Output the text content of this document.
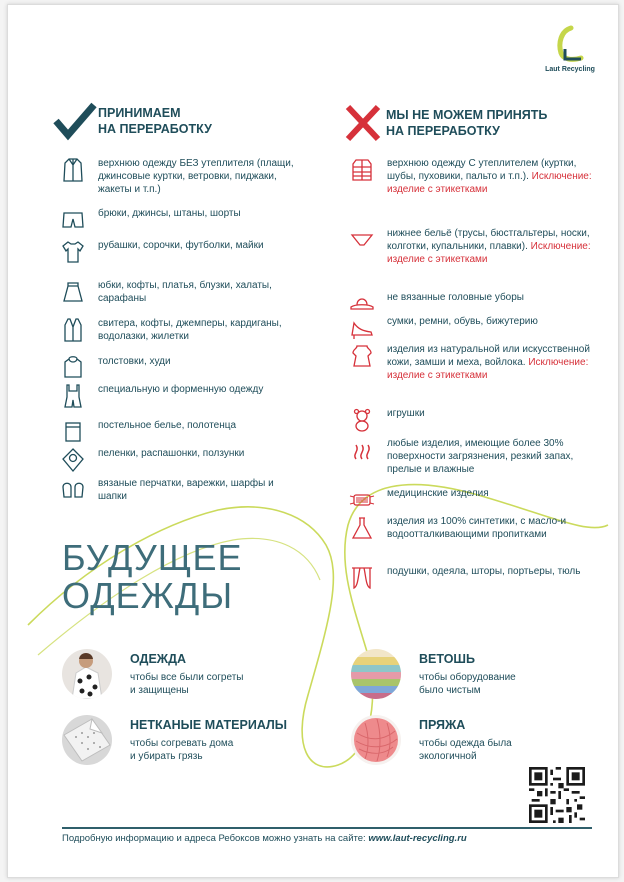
Laut Recycling
ПРИНИМАЕМ
НА ПЕРЕРАБОТКУ
МЫ НЕ МОЖЕМ ПРИНЯТЬ
НА ПЕРЕРАБОТКУ
верхнюю одежду БЕЗ утеплителя (плащи, джинсовые куртки, ветровки, пиджаки, жакеты и т.п.)
брюки, джинсы, штаны, шорты
рубашки, сорочки, футболки, майки
юбки, кофты, платья, блузки, халаты, сарафаны
свитера, кофты, джемперы, кардиганы, водолазки, жилетки
толстовки, худи
специальную и форменную одежду
постельное белье, полотенца
пеленки, распашонки, ползунки
вязаные перчатки, варежки, шарфы и шапки
верхнюю одежду С утеплителем (куртки, шубы, пуховики, пальто и т.п.). Исключение: изделие с этикетками
нижнее бельё (трусы, бюстгальтеры, носки, колготки, купальники, плавки). Исключение: изделие с этикетками
не вязанные головные уборы
сумки, ремни, обувь, бижутерию
изделия из натуральной или искусственной кожи, замши и меха, войлока. Исключение: изделие с этикетками
игрушки
любые изделия, имеющие более 30% поверхности загрязнения, резкий запах, прелые и влажные
медицинские изделия
изделия из 100% синтетики, с масло-и водоотталкивающими пропитками
подушки, одеяла, шторы, портьеры, тюль
БУДУЩЕЕ
ОДЕЖДЫ
ОДЕЖДА
чтобы все были согреты
и защищены
НЕТКАНЫЕ МАТЕРИАЛЫ
чтобы согревать дома
и убирать грязь
ВЕТОШЬ
чтобы оборудование
было чистым
ПРЯЖА
чтобы одежда была
экологичной
Подробную информацию и адреса Ребоксов можно узнать на сайте: www.laut-recycling.ru
